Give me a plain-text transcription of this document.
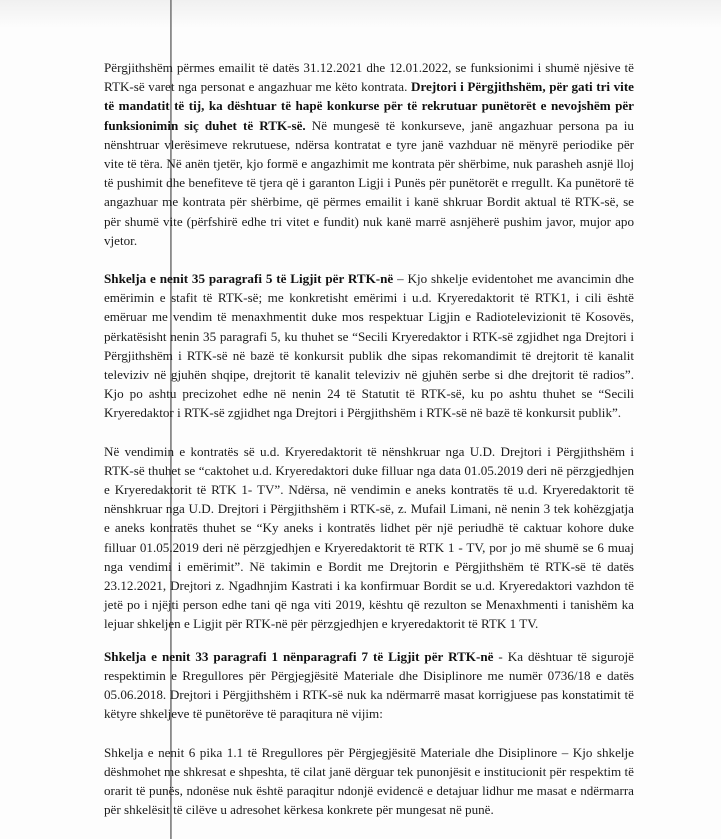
Përgjithshëm përmes emailit të datës 31.12.2021 dhe 12.01.2022, se funksionimi i shumë njësive të RTK-së varet nga personat e angazhuar me këto kontrata. Drejtori i Përgjithshëm, për gati tri vite të mandatit të tij, ka dështuar të hapë konkurse për të rekrutuar punëtorët e nevojshëm për funksionimin siç duhet të RTK-së. Në mungesë të konkurseve, janë angazhuar persona pa iu nënshtruar vlerësimeve rekrutuese, ndërsa kontratat e tyre janë vazhduar në mënyrë periodike për vite të tëra. Në anën tjetër, kjo formë e angazhimit me kontrata për shërbime, nuk parasheh asnjë lloj të pushimit dhe benefiteve të tjera që i garanton Ligji i Punës për punëtorët e rregullt. Ka punëtorë të angazhuar me kontrata për shërbime, që përmes emailit i kanë shkruar Bordit aktual të RTK-së, se për shumë vite (përfshirë edhe tri vitet e fundit) nuk kanë marrë asnjëherë pushim javor, mujor apo vjetor.

Shkelja e nenit 35 paragrafi 5 të Ligjit për RTK-në – Kjo shkelje evidentohet me avancimin dhe emërimin e stafit të RTK-së; me konkretisht emërimi i u.d. Kryeredaktorit të RTK1, i cili është emëruar me vendim të menaxhmentit duke mos respektuar Ligjin e Radiotelevizionit të Kosovës, përkatësisht nenin 35 paragrafi 5, ku thuhet se “Secili Kryeredaktor i RTK-së zgjidhet nga Drejtori i Përgjithshëm i RTK-së në bazë të konkursit publik dhe sipas rekomandimit të drejtorit të kanalit televiziv në gjuhën shqipe, drejtorit të kanalit televiziv në gjuhën serbe si dhe drejtorit të radios”. Kjo po ashtu precizohet edhe në nenin 24 të Statutit të RTK-së, ku po ashtu thuhet se “Secili Kryeredaktor i RTK-së zgjidhet nga Drejtori i Përgjithshëm i RTK-së në bazë të konkursit publik”.

Në vendimin e kontratës së u.d. Kryeredaktorit të nënshkruar nga U.D. Drejtori i Përgjithshëm i RTK-së thuhet se “caktohet u.d. Kryeredaktori duke filluar nga data 01.05.2019 deri në përzgjedhjen e Kryeredaktorit të RTK 1- TV”. Ndërsa, në vendimin e aneks kontratës të u.d. Kryeredaktorit të nënshkruar nga U.D. Drejtori i Përgjithshëm i RTK-së, z. Mufail Limani, në nenin 3 tek kohëzgjatja e aneks kontratës thuhet se “Ky aneks i kontratës lidhet për një periudhë të caktuar kohore duke filluar 01.05.2019 deri në përzgjedhjen e Kryeredaktorit të RTK 1 - TV, por jo më shumë se 6 muaj nga vendimi i emërimit”. Në takimin e Bordit me Drejtorin e Përgjithshëm të RTK-së të datës 23.12.2021, Drejtori z. Ngadhnjim Kastrati i ka konfirmuar Bordit se u.d. Kryeredaktori vazhdon të jetë po i njëjti person edhe tani që nga viti 2019, kështu që rezulton se Menaxhmenti i tanishëm ka lejuar shkeljen e Ligjit për RTK-në për përzgjedhjen e kryeredaktorit të RTK 1 TV.

Shkelja e nenit 33 paragrafi 1 nënparagrafi 7 të Ligjit për RTK-në - Ka dështuar të sigurojë respektimin e Rregullores për Përgjegjësitë Materiale dhe Disiplinore me numër 0736/18 e datës 05.06.2018. Drejtori i Përgjithshëm i RTK-së nuk ka ndërmarrë masat korrigjuese pas konstatimit të këtyre shkeljeve të punëtorëve të paraqitura në vijim:

Shkelja e nenit 6 pika 1.1 të Rregullores për Përgjegjësitë Materiale dhe Disiplinore – Kjo shkelje dëshmohet me shkresat e shpeshta, të cilat janë dërguar tek punonjësit e institucionit për respektim të orarit të punës, ndonëse nuk është paraqitur ndonjë evidencë e detajuar lidhur me masat e ndërmarra për shkelësit të cilëve u adresohet kërkesa konkrete për mungesat në punë.
